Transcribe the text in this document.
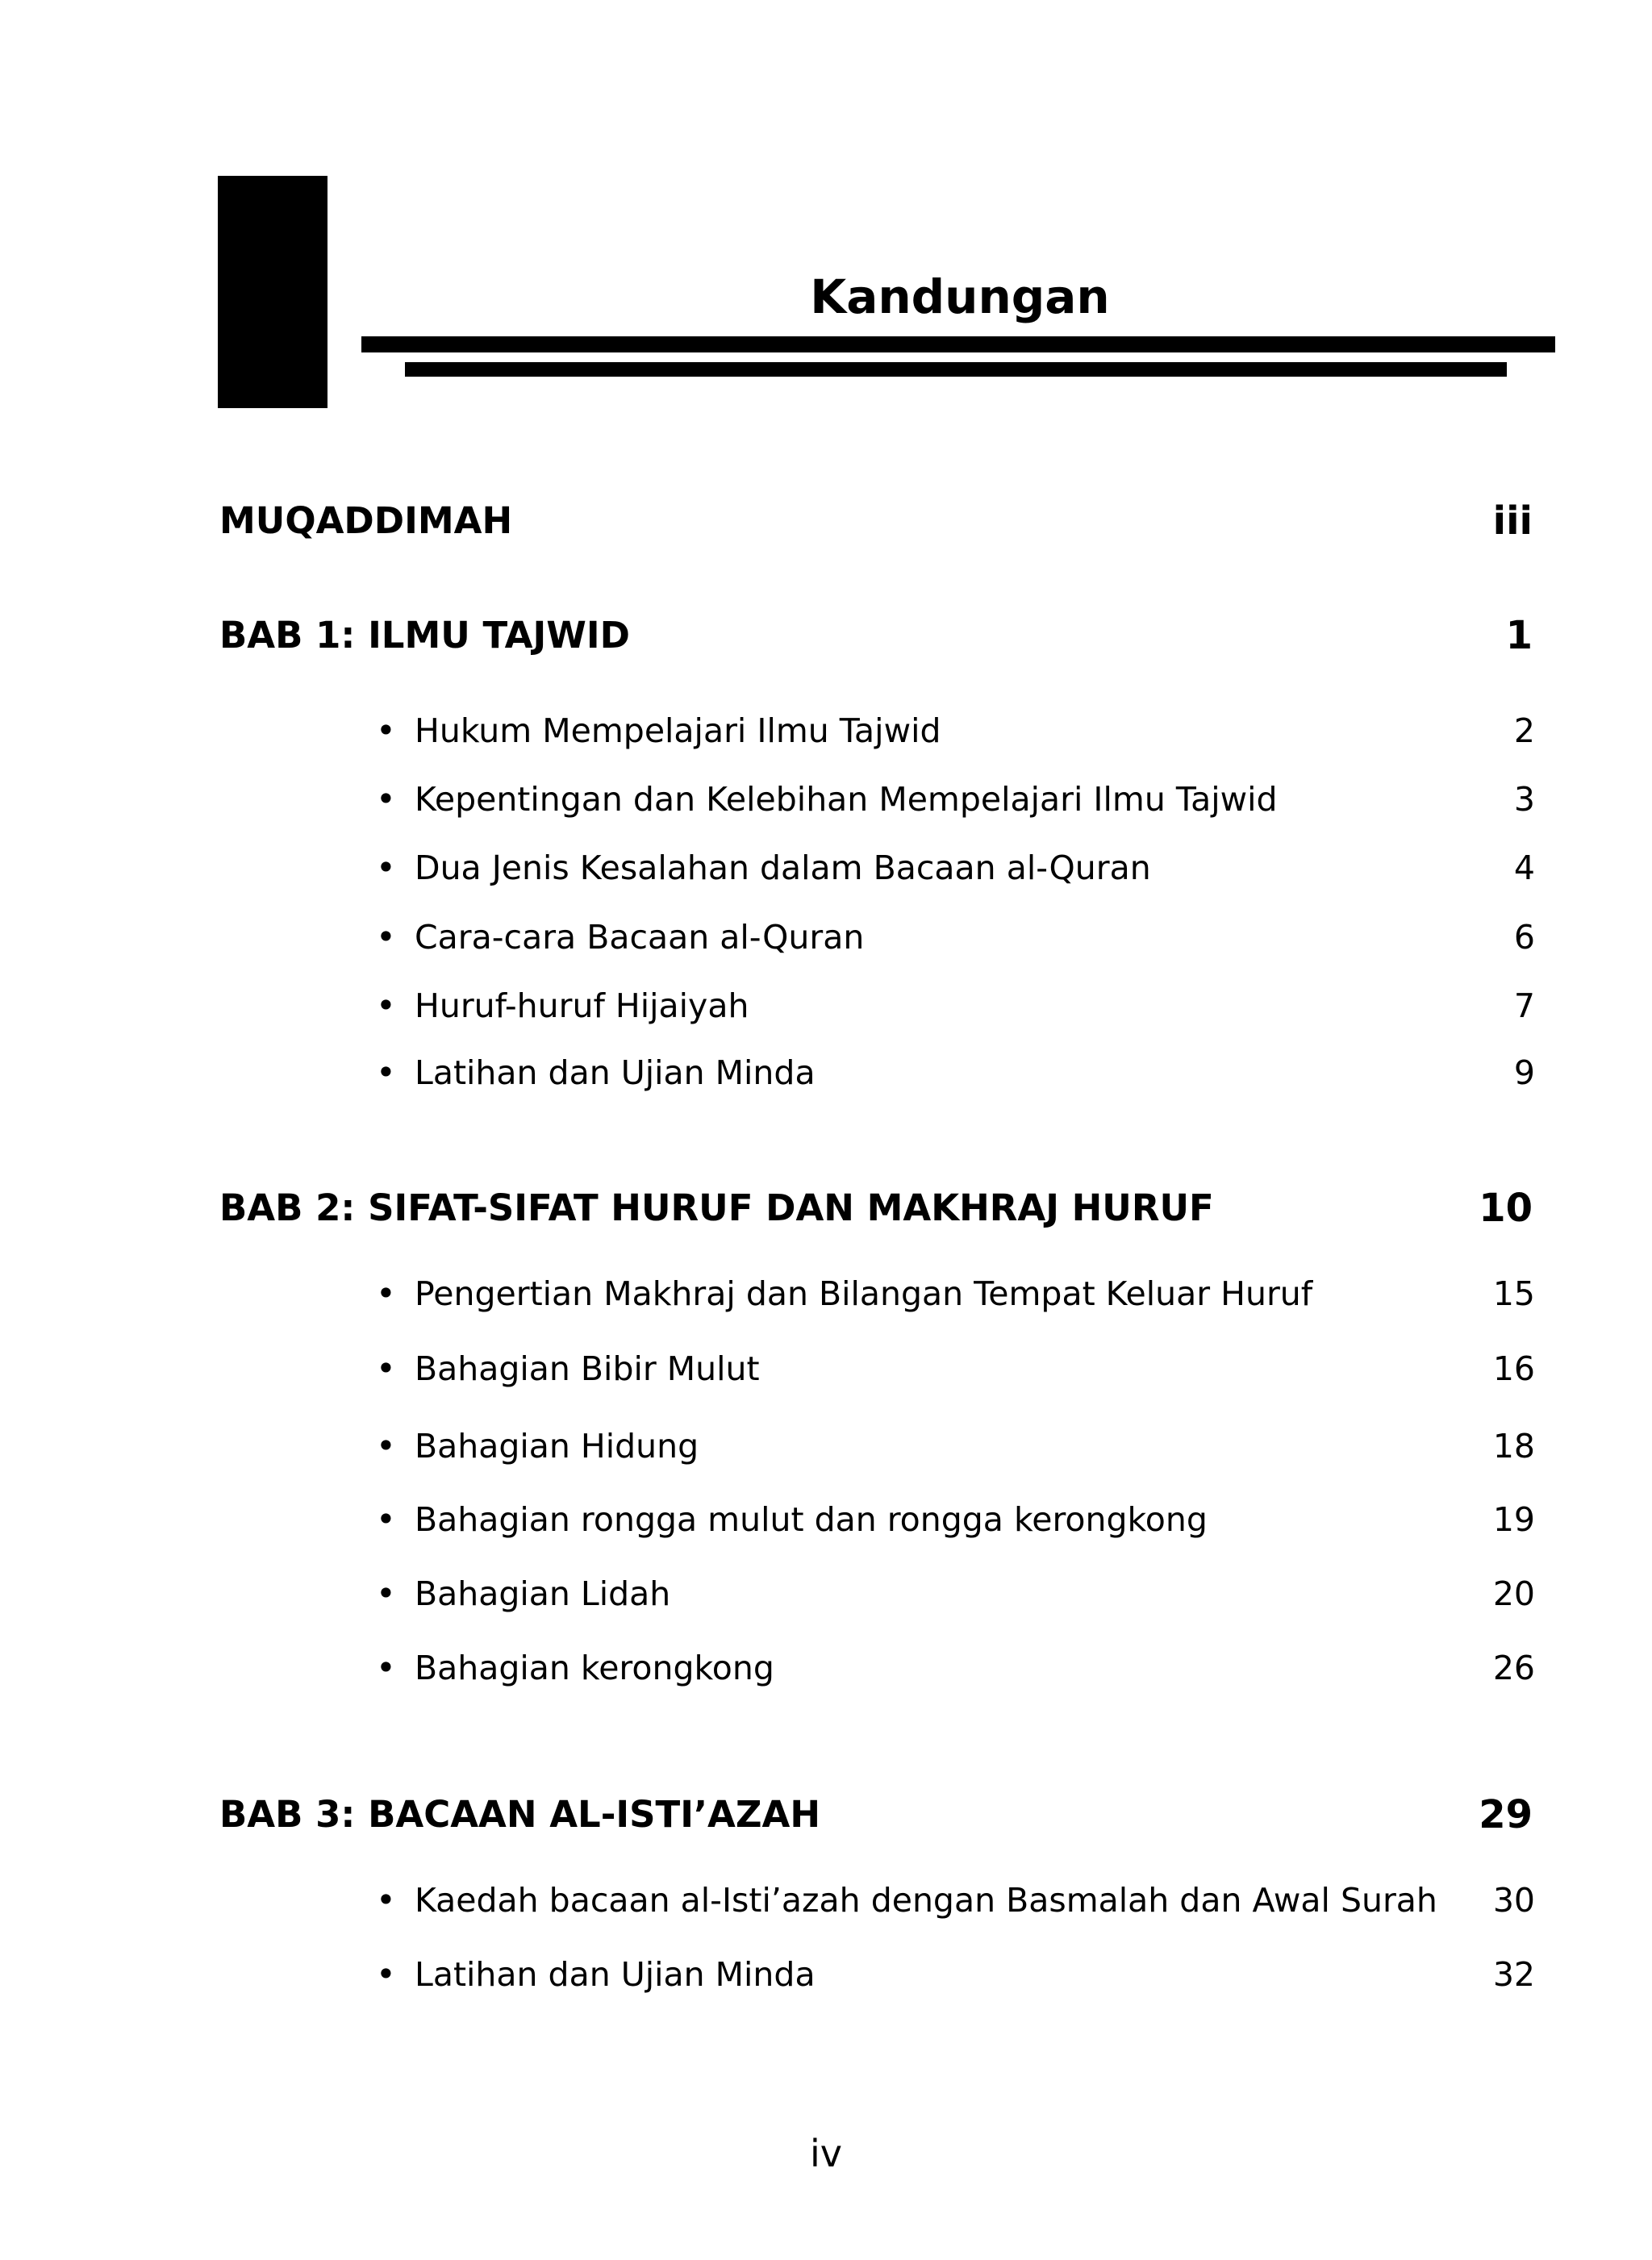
Kandungan
MUQADDIMAH	iii
BAB 1: ILMU TAJWID	1
• Hukum Mempelajari Ilmu Tajwid	2
• Kepentingan dan Kelebihan Mempelajari Ilmu Tajwid	3
• Dua Jenis Kesalahan dalam Bacaan al-Quran	4
• Cara-cara Bacaan al-Quran	6
• Huruf-huruf Hijaiyah	7
• Latihan dan Ujian Minda	9
BAB 2: SIFAT-SIFAT HURUF DAN MAKHRAJ HURUF	10
• Pengertian Makhraj dan Bilangan Tempat Keluar Huruf	15
• Bahagian Bibir Mulut	16
• Bahagian Hidung	18
• Bahagian rongga mulut dan rongga kerongkong	19
• Bahagian Lidah	20
• Bahagian kerongkong	26
BAB 3: BACAAN AL-ISTI’AZAH	29
• Kaedah bacaan al-Isti’azah dengan Basmalah dan Awal Surah	30
• Latihan dan Ujian Minda	32
iv
